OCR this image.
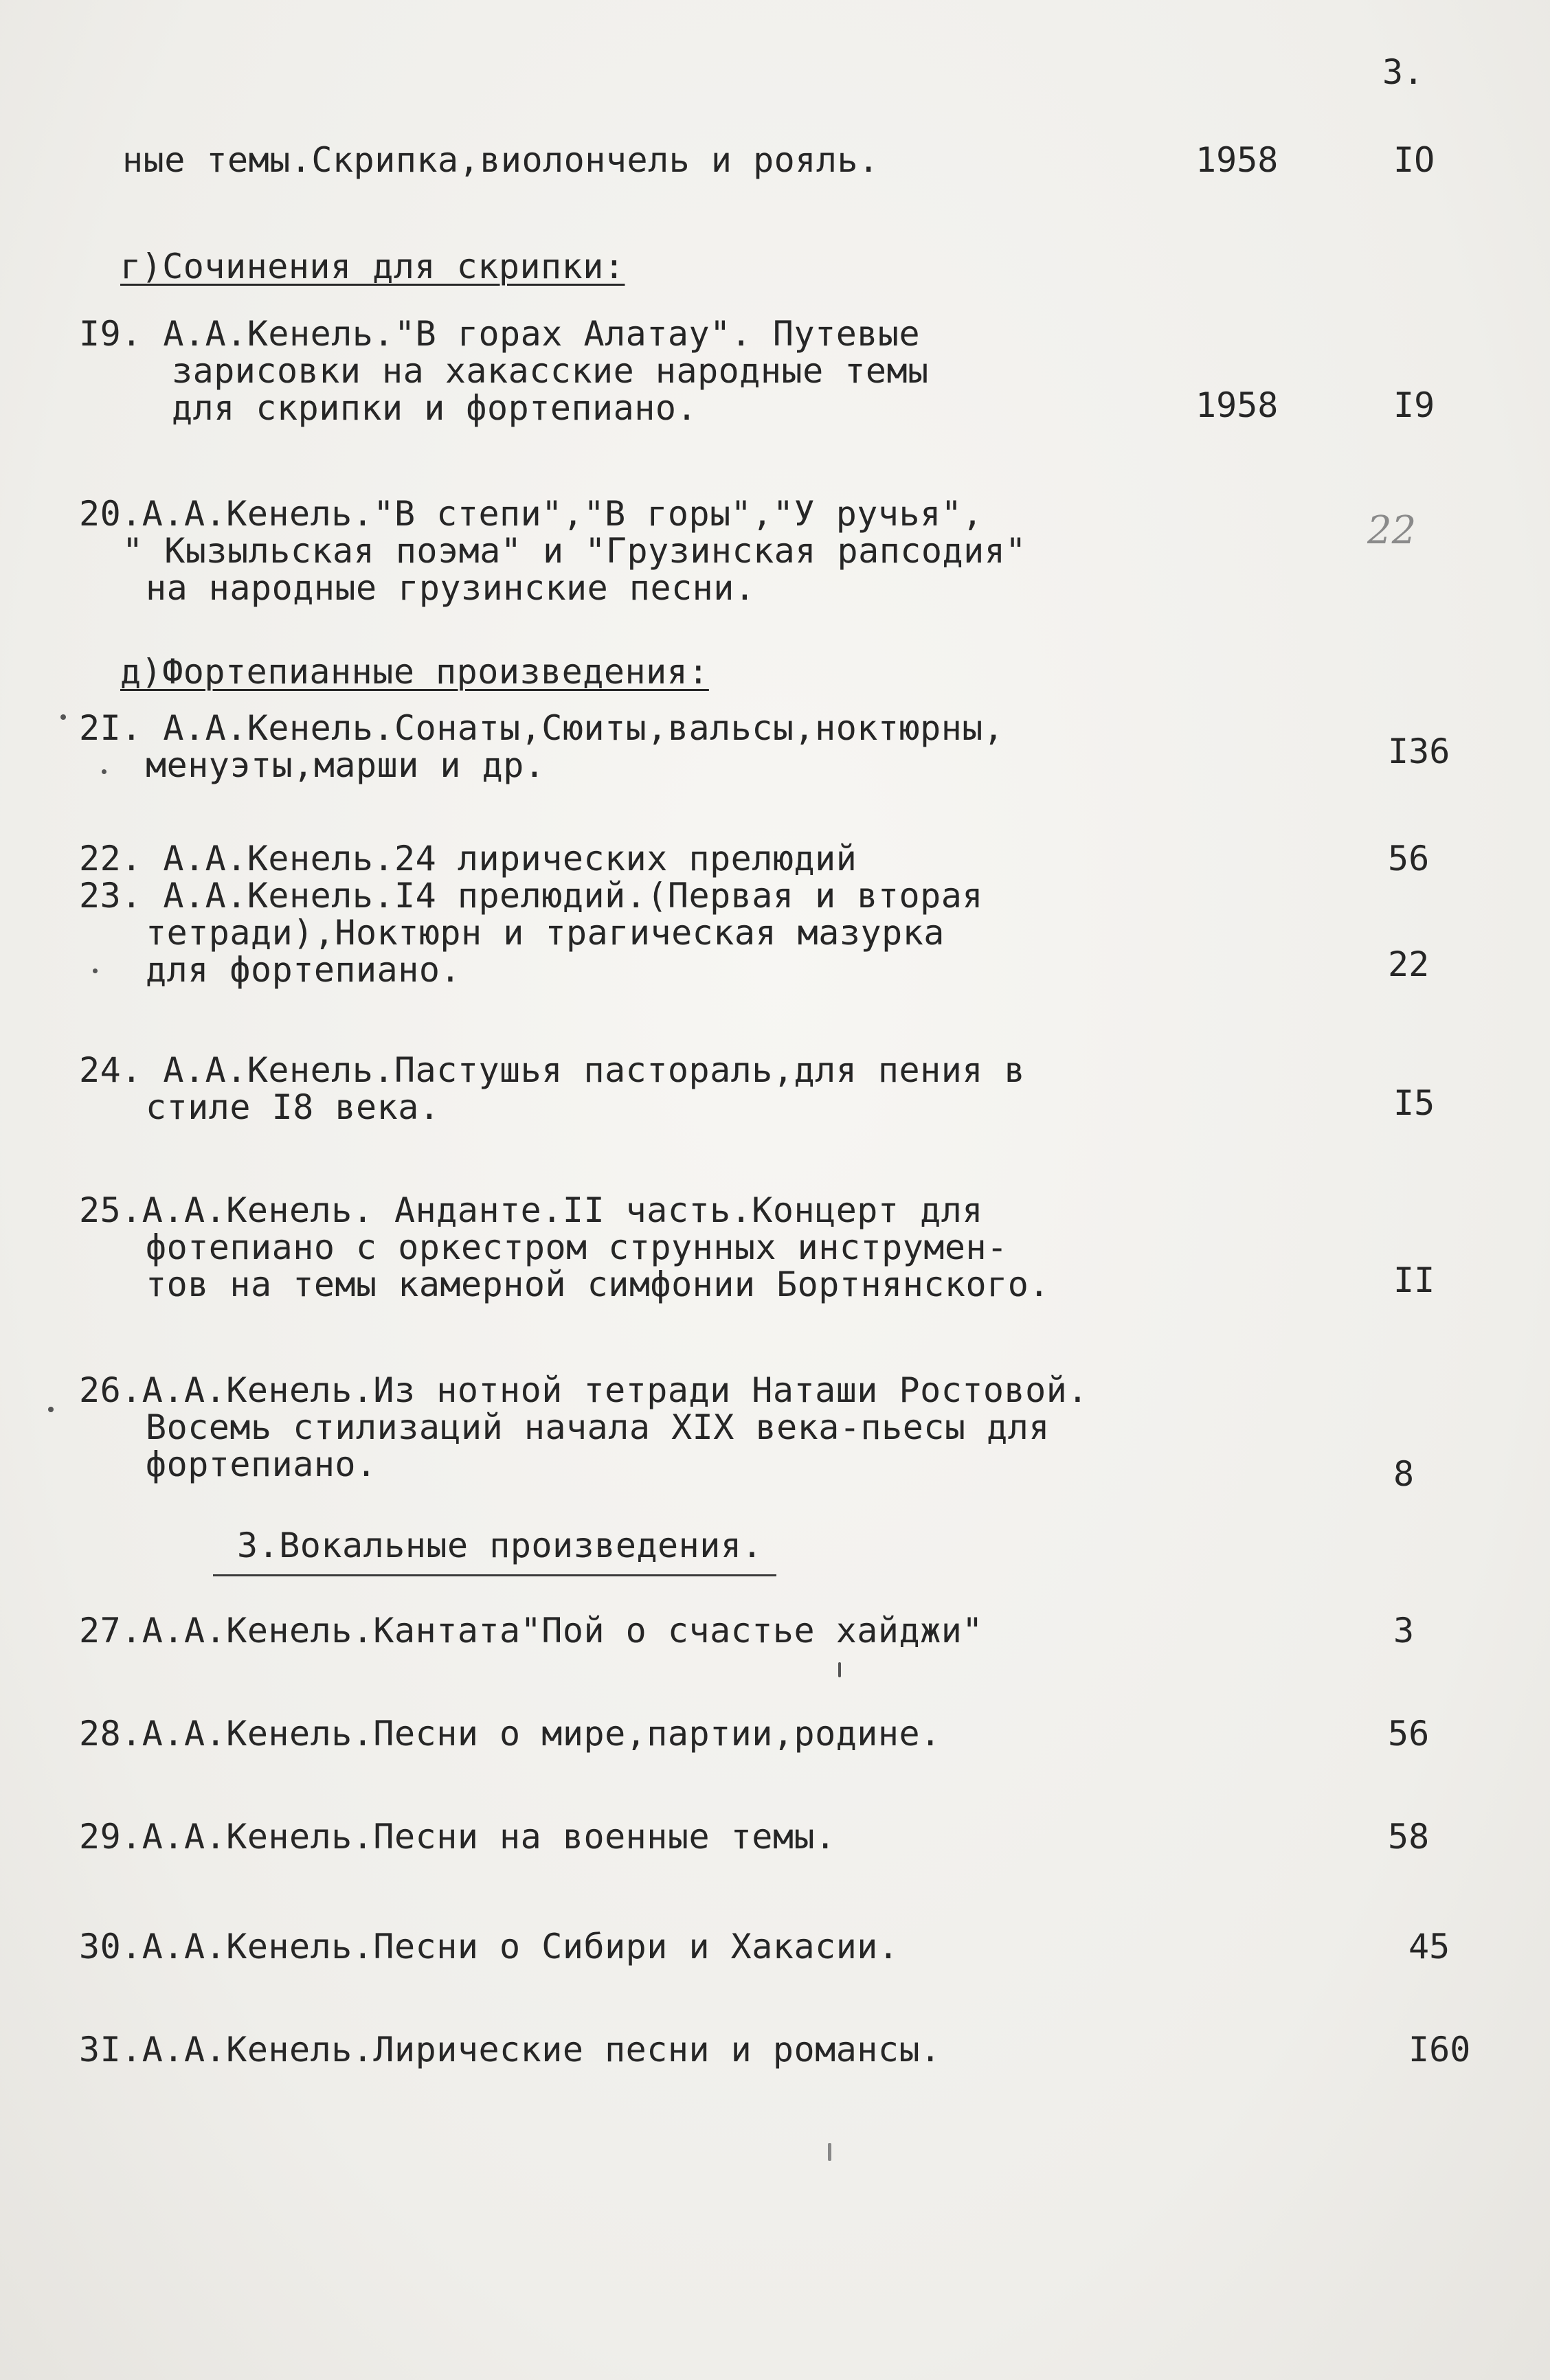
3.
ные темы.Скрипка,виолончель и рояль.	1958	IO
г)Сочинения для скрипки:
I9. А.А.Кенель."В горах Алатау". Путевые
зарисовки на хакасские народные темы
для скрипки и фортепиано.	1958	I9
20.А.А.Кенель."В степи","В горы","У ручья",
" Кызыльская поэма" и "Грузинская рапсодия"
на народные грузинские песни.
22
д)Фортепианные произведения:
2I. А.А.Кенель.Сонаты,Сюиты,вальсы,ноктюрны,
менуэты,марши и др.	I36
22. А.А.Кенель.24 лирических прелюдий	56
23. А.А.Кенель.I4 прелюдий.(Первая и вторая
тетради),Ноктюрн и трагическая мазурка
для фортепиано.	22
24. А.А.Кенель.Пастушья пастораль,для пения в
стиле I8 века.	I5
25.А.А.Кенель. Анданте.II часть.Концерт для
фотепиано с оркестром струнных инструмен-
тов на темы камерной симфонии Бортнянского.	II
26.А.А.Кенель.Из нотной тетради Наташи Ростовой.
Восемь стилизаций начала XIX века-пьесы для
фортепиано.	8
3.Вокальные произведения.
27.А.А.Кенель.Кантата"Пой о счастье хайджи"	3
28.А.А.Кенель.Песни о мире,партии,родине.	56
29.А.А.Кенель.Песни на военные темы.	58
30.А.А.Кенель.Песни о Сибири и Хакасии.	45
3I.А.А.Кенель.Лирические песни и романсы.	I60
